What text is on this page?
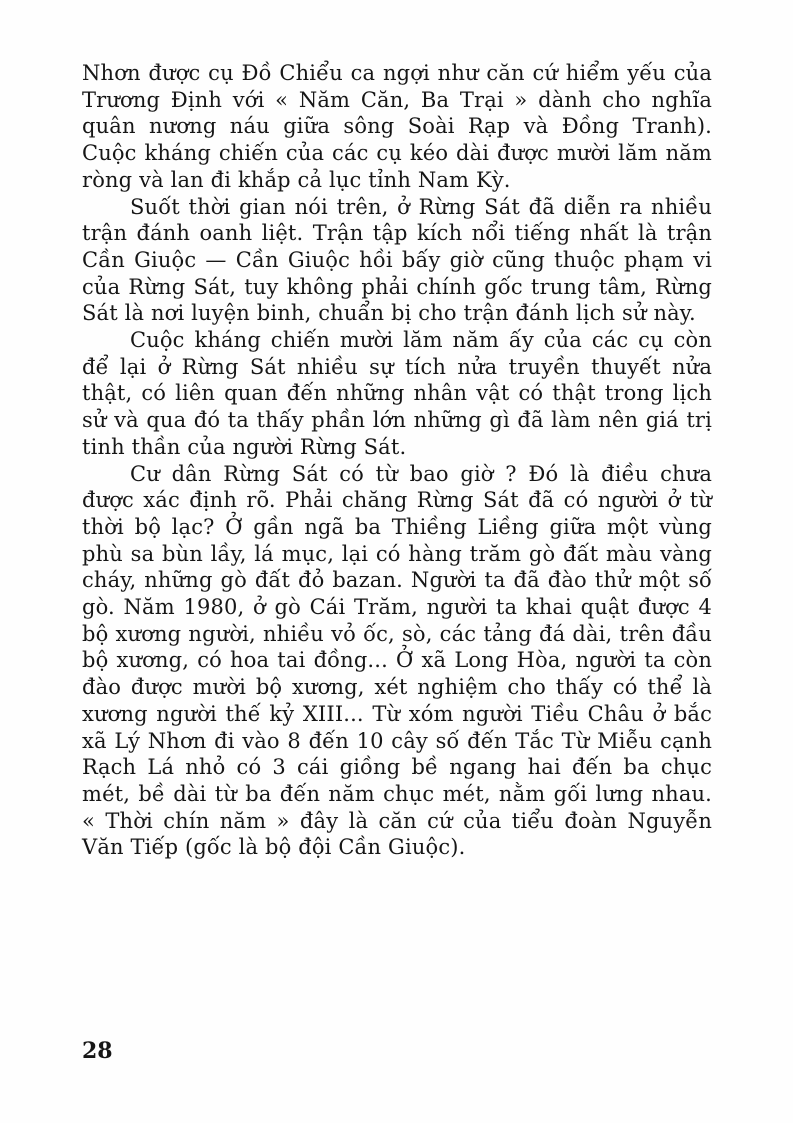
Nhơn được cụ Đồ Chiểu ca ngợi như căn cứ hiểm yếu của Trương Định với « Năm Căn, Ba Trại » dành cho nghĩa quân nương náu giữa sông Soài Rạp và Đồng Tranh). Cuộc kháng chiến của các cụ kéo dài được mười lăm năm ròng và lan đi khắp cả lục tỉnh Nam Kỳ.

Suốt thời gian nói trên, ở Rừng Sát đã diễn ra nhiều trận đánh oanh liệt. Trận tập kích nổi tiếng nhất là trận Cần Giuộc — Cần Giuộc hồi bấy giờ cũng thuộc phạm vi của Rừng Sát, tuy không phải chính gốc trung tâm, Rừng Sát là nơi luyện binh, chuẩn bị cho trận đánh lịch sử này.

Cuộc kháng chiến mười lăm năm ấy của các cụ còn để lại ở Rừng Sát nhiều sự tích nửa truyền thuyết nửa thật, có liên quan đến những nhân vật có thật trong lịch sử và qua đó ta thấy phần lớn những gì đã làm nên giá trị tinh thần của người Rừng Sát.

Cư dân Rừng Sát có từ bao giờ ? Đó là điều chưa được xác định rõ. Phải chăng Rừng Sát đã có người ở từ thời bộ lạc? Ở gần ngã ba Thiềng Liềng giữa một vùng phù sa bùn lầy, lá mục, lại có hàng trăm gò đất màu vàng cháy, những gò đất đỏ bazan. Người ta đã đào thử một số gò. Năm 1980, ở gò Cái Trăm, người ta khai quật được 4 bộ xương người, nhiều vỏ ốc, sò, các tảng đá dài, trên đầu bộ xương, có hoa tai đồng... Ở xã Long Hòa, người ta còn đào được mười bộ xương, xét nghiệm cho thấy có thể là xương người thế kỷ XIII... Từ xóm người Tiều Châu ở bắc xã Lý Nhơn đi vào 8 đến 10 cây số đến Tắc Từ Miễu cạnh Rạch Lá nhỏ có 3 cái giồng bề ngang hai đến ba chục mét, bề dài từ ba đến năm chục mét, nằm gối lưng nhau. « Thời chín năm » đây là căn cứ của tiểu đoàn Nguyễn Văn Tiếp (gốc là bộ đội Cần Giuộc).

28
